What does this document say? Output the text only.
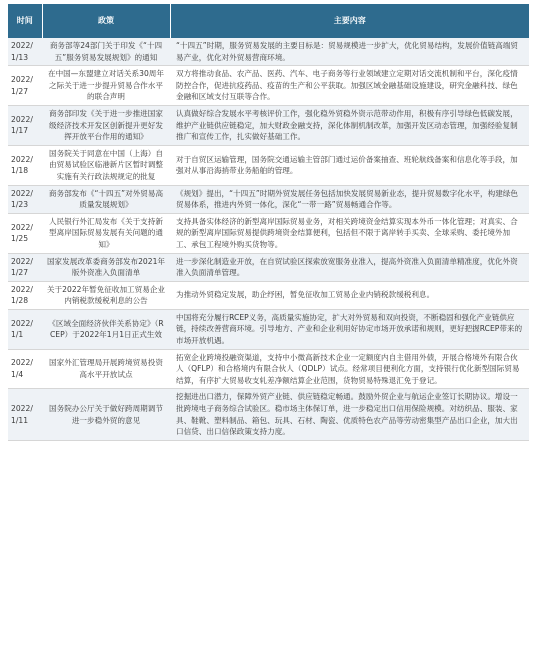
时间	政策	主要内容
2022/1/13	商务部等24部门关于印发《“十四五”服务贸易发展规划》的通知	“十四五”时期，服务贸易发展的主要目标是：贸易规模进一步扩大，优化贸易结构，发展价值链高端贸易产业，优化对外贸易营商环境。
2022/1/27	在中国—东盟建立对话关系30周年之际关于进一步提升贸易合作水平的联合声明	双方将推动食品、农产品、医药、汽车、电子商务等行业领域建立定期对话交流机制和平台，深化疫情防控合作，促进抗疫药品、疫苗的生产和公平获取。加强区域金融基础设施建设，研究金融科技、绿色金融和区域支付互联等合作。
2022/1/17	商务部印发《关于进一步推进国家级经济技术开发区创新提升更好发挥开放平台作用的通知》	认真做好综合发展水平考核评价工作，强化稳外贸稳外资示范带动作用，积极有序引导绿色低碳发展，维护产业链供应链稳定，加大财政金融支持，深化体制机制改革，加强开发区动态管理，加强经验复制推广和宣传工作，扎实做好基础工作。
2022/1/18	国务院关于同意在中国（上海）自由贸易试验区临港新片区暂时调整实施有关行政法规规定的批复	对于自贸区运输管理，国务院交通运输主管部门通过运价备案抽查、班轮航线备案和信息化等手段，加强对从事沿海捎带业务船舶的管理。
2022/1/23	商务部发布《“十四五”对外贸易高质量发展规划》	《规划》提出，“十四五”时期外贸发展任务包括加快发展贸易新业态，提升贸易数字化水平，构建绿色贸易体系，推进内外贸一体化，深化“一带一路”贸易畅通合作等。
2022/1/25	人民银行外汇局发布《关于支持新型离岸国际贸易发展有关问题的通知》	支持具备实体经济的新型离岸国际贸易业务，对相关跨境资金结算实现本外币一体化管理；对真实、合规的新型离岸国际贸易提供跨境资金结算便利，包括但不限于离岸转手买卖、全球采购、委托境外加工、承包工程境外购买货物等。
2022/1/27	国家发展改革委商务部发布2021年版外资准入负面清单	进一步深化制造业开放，在自贸试验区探索放宽服务业准入，提高外资准入负面清单精准度，优化外资准入负面清单管理。
2022/1/28	关于2022年暂免征收加工贸易企业内销税款缓税利息的公告	为推动外贸稳定发展，助企纾困，暂免征收加工贸易企业内销税款缓税利息。
2022/1/1	《区域全面经济伙伴关系协定》（RCEP）于2022年1月1日正式生效	中国将充分履行RCEP义务，高质量实施协定，扩大对外贸易和双向投资，不断稳固和强化产业链供应链，持续改善营商环境。引导地方、产业和企业利用好协定市场开放承诺和规则，更好把握RCEP带来的市场开放机遇。
2022/1/4	国家外汇管理局开展跨境贸易投资高水平开放试点	拓宽企业跨境投融资渠道，支持中小微高新技术企业一定额度内自主借用外债，开展合格境外有限合伙人（QFLP）和合格境内有限合伙人（QDLP）试点。经常项目便利化方面，支持银行优化新型国际贸易结算，有序扩大贸易收支轧差净额结算企业范围，货物贸易特殊退汇免于登记。
2022/1/11	国务院办公厅关于做好跨周期调节进一步稳外贸的意见	挖掘进出口潜力，保障外贸产业链、供应链稳定畅通。鼓励外贸企业与航运企业签订长期协议。增设一批跨境电子商务综合试验区。稳市场主体保订单，进一步稳定出口信用保险规模。对纺织品、服装、家具、鞋靴、塑料制品、箱包、玩具、石材、陶瓷、优质特色农产品等劳动密集型产品出口企业，加大出口信贷、出口信保政策支持力度。
